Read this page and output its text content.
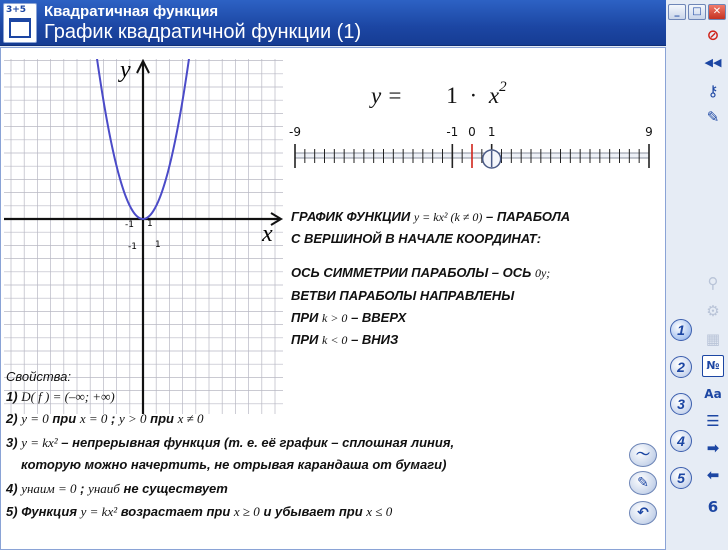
3+5 Квадратичная функция
График квадратичной функции (1)
_	□	✕
x
y
-1 1
1
-1
$y = 1 \cdot x^2$
-9	-1 0 1	9
ГРАФИК ФУНКЦИИ y = kx² (k ≠ 0) – ПАРАБОЛА
С ВЕРШИНОЙ В НАЧАЛЕ КООРДИНАТ:
ОСЬ СИММЕТРИИ ПАРАБОЛЫ – ОСЬ 0y;
ВЕТВИ ПАРАБОЛЫ НАПРАВЛЕНЫ
ПРИ k > 0 – ВВЕРХ
ПРИ k < 0 – ВНИЗ
Свойства:
1) D( f ) = (–∞; +∞)
2) y = 0 при x = 0 ; y > 0 при x ≠ 0
3) y = kx² – непрерывная функция (т. е. её график – сплошная линия,
которую можно начертить, не отрывая карандаша от бумаги)
4) yнаим = 0 ; yнаиб не существует
5) Функция y = kx² возрастает при x ≥ 0 и убывает при x ≤ 0
〜
✎
↶
⊘
◀◀
⚷
✎
⚲
⚙
▦
№
Aa
☰
➡
⬅
6
1
2
3
4
5
